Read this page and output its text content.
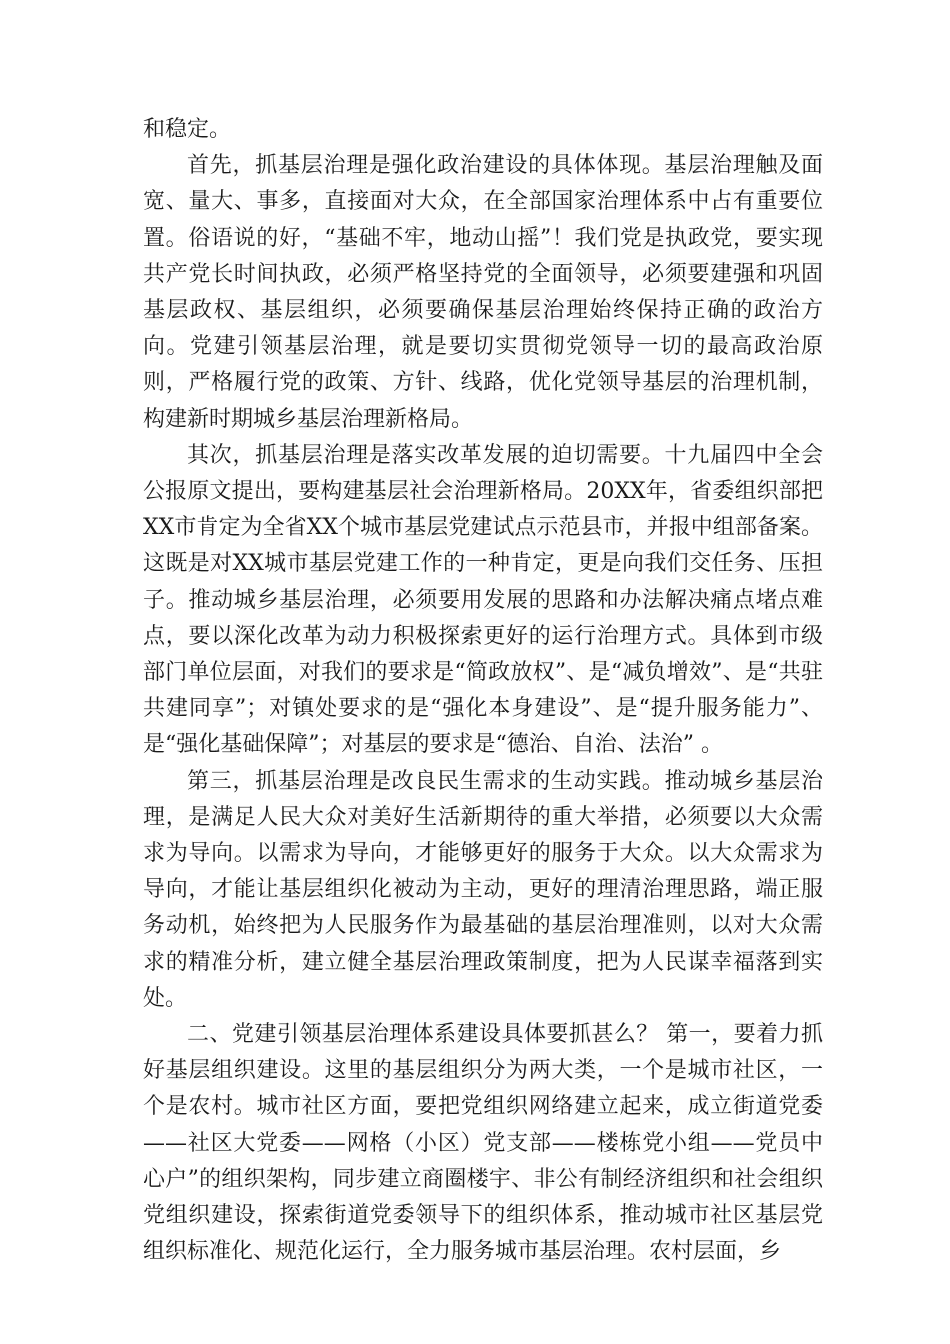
和稳定。

首先，抓基层治理是强化政治建设的具体体现。基层治理触及面宽、量大、事多，直接面对大众，在全部国家治理体系中占有重要位置。俗语说的好，“基础不牢，地动山摇”！我们党是执政党，要实现共产党长时间执政，必须严格坚持党的全面领导，必须要建强和巩固基层政权、基层组织，必须要确保基层治理始终保持正确的政治方向。党建引领基层治理，就是要切实贯彻党领导一切的最高政治原则，严格履行党的政策、方针、线路，优化党领导基层的治理机制，构建新时期城乡基层治理新格局。

其次，抓基层治理是落实改革发展的迫切需要。十九届四中全会公报原文提出，要构建基层社会治理新格局。20XX年，省委组织部把XX市肯定为全省XX个城市基层党建试点示范县市，并报中组部备案。这既是对XX城市基层党建工作的一种肯定，更是向我们交任务、压担子。推动城乡基层治理，必须要用发展的思路和办法解决痛点堵点难点，要以深化改革为动力积极探索更好的运行治理方式。具体到市级部门单位层面，对我们的要求是“简政放权”、是“减负增效”、是“共驻共建同享”；对镇处要求的是“强化本身建设”、是“提升服务能力”、是“强化基础保障”；对基层的要求是“德治、自治、法治” 。

第三，抓基层治理是改良民生需求的生动实践。推动城乡基层治理，是满足人民大众对美好生活新期待的重大举措，必须要以大众需求为导向。以需求为导向，才能够更好的服务于大众。以大众需求为导向，才能让基层组织化被动为主动，更好的理清治理思路，端正服务动机，始终把为人民服务作为最基础的基层治理准则，以对大众需求的精准分析，建立健全基层治理政策制度，把为人民谋幸福落到实处。

二、党建引领基层治理体系建设具体要抓甚么？ 第一，要着力抓好基层组织建设。这里的基层组织分为两大类，一个是城市社区，一个是农村。城市社区方面，要把党组织网络建立起来，成立街道党委——社区大党委——网格（小区）党支部——楼栋党小组——党员中心户”的组织架构，同步建立商圈楼宇、非公有制经济组织和社会组织党组织建设，探索街道党委领导下的组织体系，推动城市社区基层党组织标准化、规范化运行，全力服务城市基层治理。农村层面，乡
